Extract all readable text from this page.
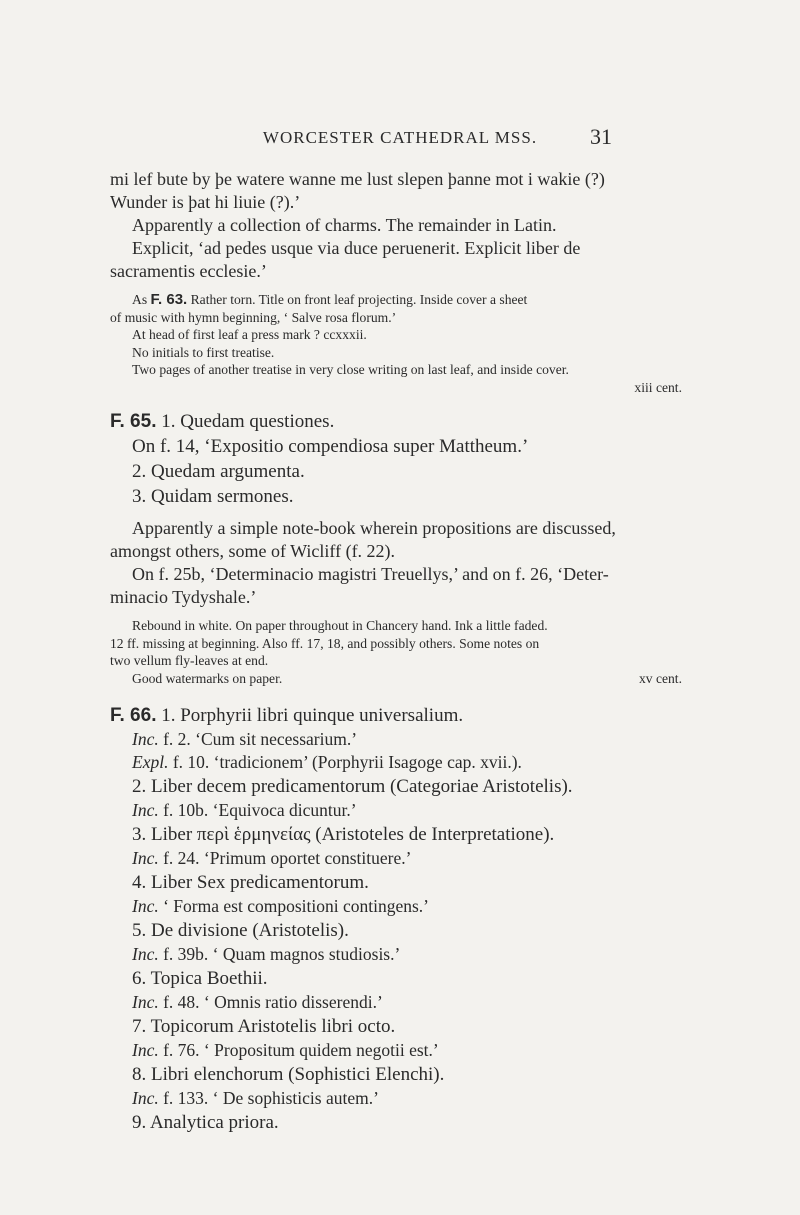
WORCESTER CATHEDRAL MSS.	31

mi lef bute by þe watere wanne me lust slepen þanne mot i wakie (?)

Wunder is þat hi liuie (?).’

Apparently a collection of charms. The remainder in Latin.

Explicit, ‘ad pedes usque via duce peruenerit. Explicit liber de

sacramentis ecclesie.’

As F. 63. Rather torn. Title on front leaf projecting. Inside cover a sheet

of music with hymn beginning, ‘ Salve rosa florum.’

At head of first leaf a press mark ? ccxxxii.

No initials to first treatise.

Two pages of another treatise in very close writing on last leaf, and inside cover.

xiii cent.

F. 65. 1. Quedam questiones.

On f. 14, ‘Expositio compendiosa super Mattheum.’

2. Quedam argumenta.

3. Quidam sermones.

Apparently a simple note-book wherein propositions are discussed,

amongst others, some of Wicliff (f. 22).

On f. 25b, ‘Determinacio magistri Treuellys,’ and on f. 26, ‘Deter-

minacio Tydyshale.’

Rebound in white. On paper throughout in Chancery hand. Ink a little faded.

12 ff. missing at beginning. Also ff. 17, 18, and possibly others. Some notes on

two vellum fly-leaves at end.

Good watermarks on paper.	xv cent.

F. 66. 1. Porphyrii libri quinque universalium.

Inc. f. 2. ‘Cum sit necessarium.’

Expl. f. 10. ‘tradicionem’ (Porphyrii Isagoge cap. xvii.).

2. Liber decem predicamentorum (Categoriae Aristotelis).

Inc. f. 10b. ‘Equivoca dicuntur.’

3. Liber περὶ ἑρμηνείας (Aristoteles de Interpretatione).

Inc. f. 24. ‘Primum oportet constituere.’

4. Liber Sex predicamentorum.

Inc. ‘ Forma est compositioni contingens.’

5. De divisione (Aristotelis).

Inc. f. 39b. ‘ Quam magnos studiosis.’

6. Topica Boethii.

Inc. f. 48. ‘ Omnis ratio disserendi.’

7. Topicorum Aristotelis libri octo.

Inc. f. 76. ‘ Propositum quidem negotii est.’

8. Libri elenchorum (Sophistici Elenchi).

Inc. f. 133. ‘ De sophisticis autem.’

9. Analytica priora.
